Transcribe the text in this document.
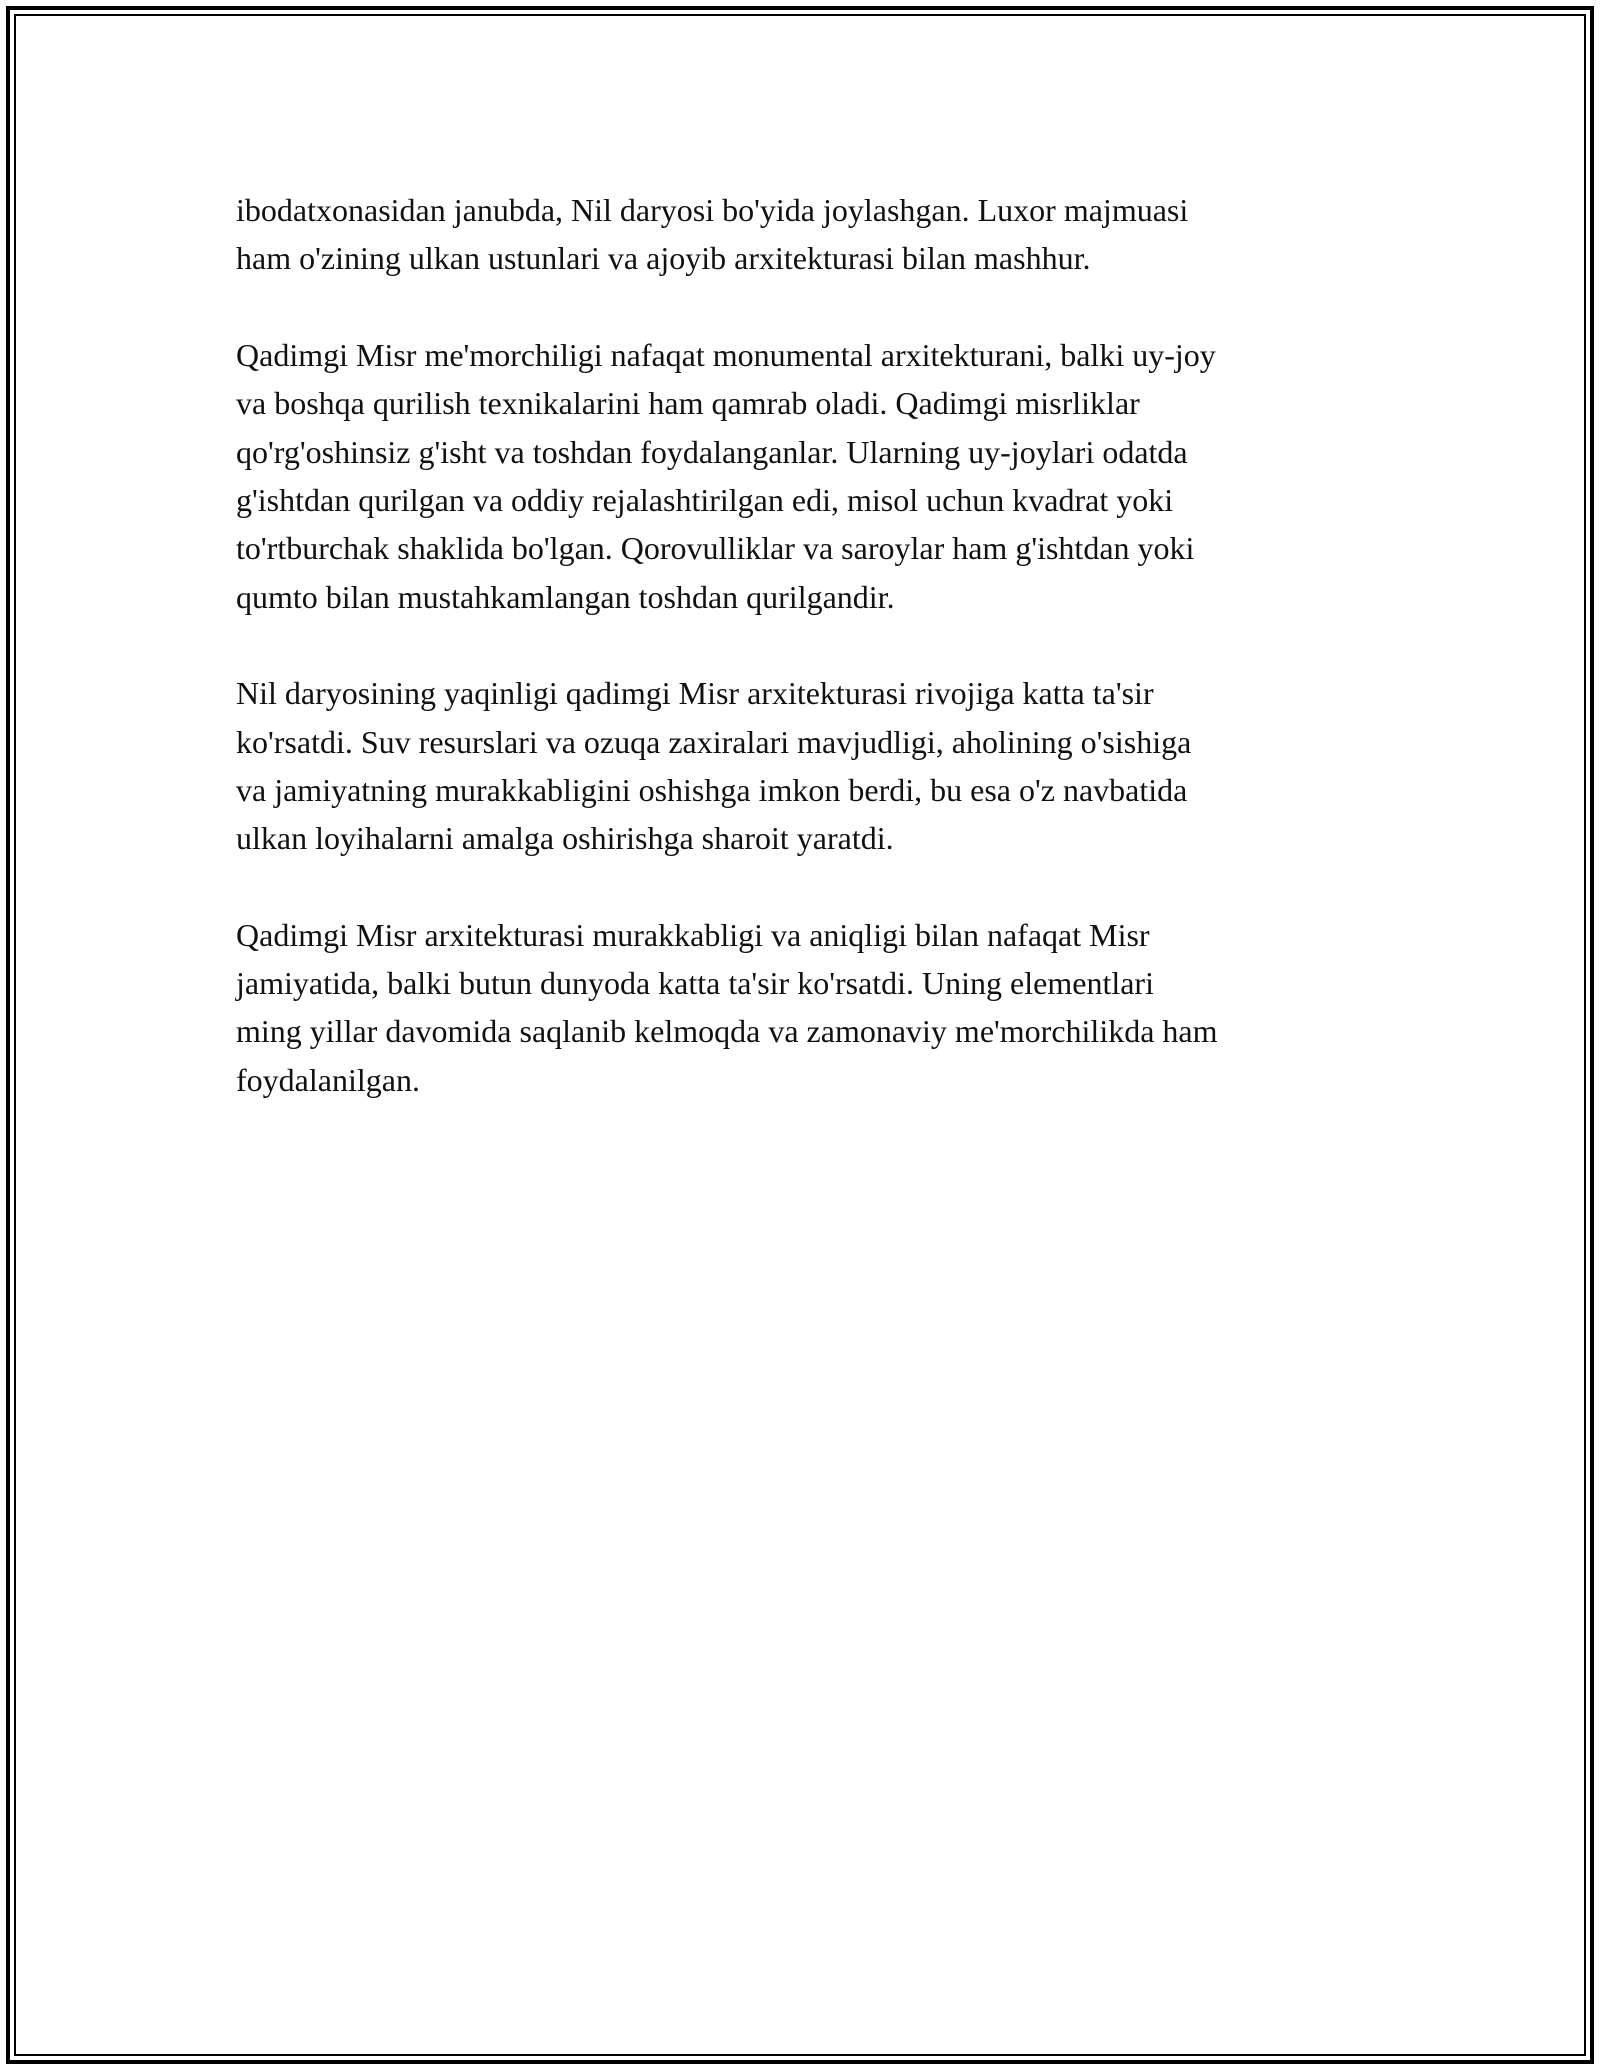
ibodatxonasidan janubda, Nil daryosi bo'yida joylashgan. Luxor majmuasi
ham o'zining ulkan ustunlari va ajoyib arxitekturasi bilan mashhur.

Qadimgi Misr me'morchiligi nafaqat monumental arxitekturani, balki uy-joy
va boshqa qurilish texnikalarini ham qamrab oladi. Qadimgi misrliklar
qo'rg'oshinsiz g'isht va toshdan foydalanganlar. Ularning uy-joylari odatda
g'ishtdan qurilgan va oddiy rejalashtirilgan edi, misol uchun kvadrat yoki
to'rtburchak shaklida bo'lgan. Qorovulliklar va saroylar ham g'ishtdan yoki
qumto bilan mustahkamlangan toshdan qurilgandir.

Nil daryosining yaqinligi qadimgi Misr arxitekturasi rivojiga katta ta'sir
ko'rsatdi. Suv resurslari va ozuqa zaxiralari mavjudligi, aholining o'sishiga
va jamiyatning murakkabligini oshishga imkon berdi, bu esa o'z navbatida
ulkan loyihalarni amalga oshirishga sharoit yaratdi.

Qadimgi Misr arxitekturasi murakkabligi va aniqligi bilan nafaqat Misr
jamiyatida, balki butun dunyoda katta ta'sir ko'rsatdi. Uning elementlari
ming yillar davomida saqlanib kelmoqda va zamonaviy me'morchilikda ham
foydalanilgan.
